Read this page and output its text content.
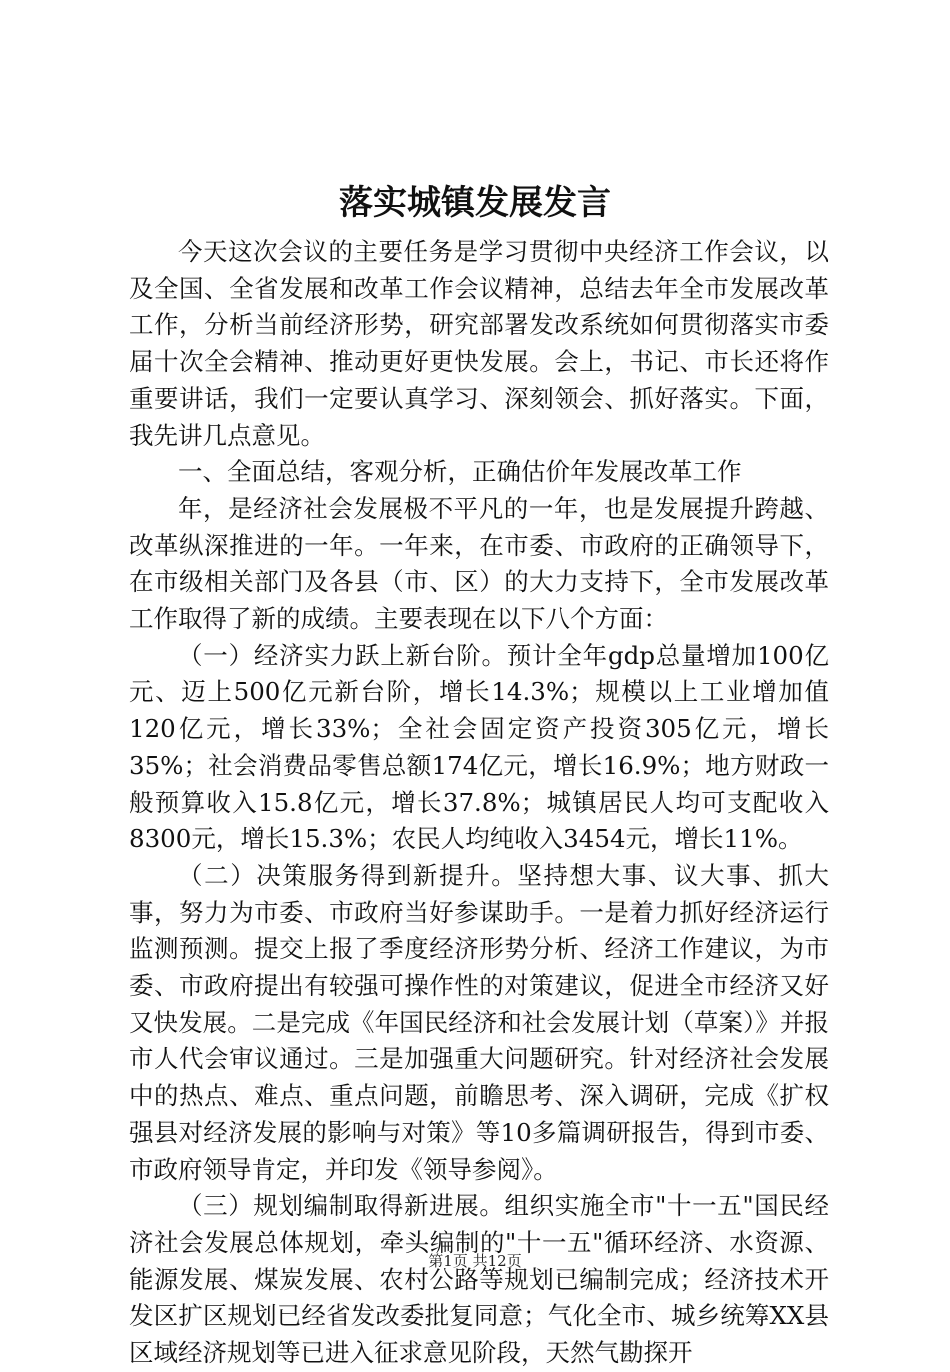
落实城镇发展发言

今天这次会议的主要任务是学习贯彻中央经济工作会议，以及全国、全省发展和改革工作会议精神，总结去年全市发展改革工作，分析当前经济形势，研究部署发改系统如何贯彻落实市委届十次全会精神、推动更好更快发展。会上，书记、市长还将作重要讲话，我们一定要认真学习、深刻领会、抓好落实。下面，我先讲几点意见。

一、全面总结，客观分析，正确估价年发展改革工作

年，是经济社会发展极不平凡的一年，也是发展提升跨越、改革纵深推进的一年。一年来，在市委、市政府的正确领导下，在市级相关部门及各县（市、区）的大力支持下，全市发展改革工作取得了新的成绩。主要表现在以下八个方面：

（一）经济实力跃上新台阶。预计全年gdp总量增加100亿元、迈上500亿元新台阶，增长14.3%；规模以上工业增加值120亿元，增长33%；全社会固定资产投资305亿元，增长35%；社会消费品零售总额174亿元，增长16.9%；地方财政一般预算收入15.8亿元，增长37.8%；城镇居民人均可支配收入8300元，增长15.3%；农民人均纯收入3454元，增长11%。

（二）决策服务得到新提升。坚持想大事、议大事、抓大事，努力为市委、市政府当好参谋助手。一是着力抓好经济运行监测预测。提交上报了季度经济形势分析、经济工作建议，为市委、市政府提出有较强可操作性的对策建议，促进全市经济又好又快发展。二是完成《年国民经济和社会发展计划（草案）》并报市人代会审议通过。三是加强重大问题研究。针对经济社会发展中的热点、难点、重点问题，前瞻思考、深入调研，完成《扩权强县对经济发展的影响与对策》等10多篇调研报告，得到市委、市政府领导肯定，并印发《领导参阅》。

（三）规划编制取得新进展。组织实施全市"十一五"国民经济社会发展总体规划，牵头编制的"十一五"循环经济、水资源、能源发展、煤炭发展、农村公路等规划已编制完成；经济技术开发区扩区规划已经省发改委批复同意；气化全市、城乡统筹XX县区域经济规划等已进入征求意见阶段，天然气勘探开

第1页 共12页
